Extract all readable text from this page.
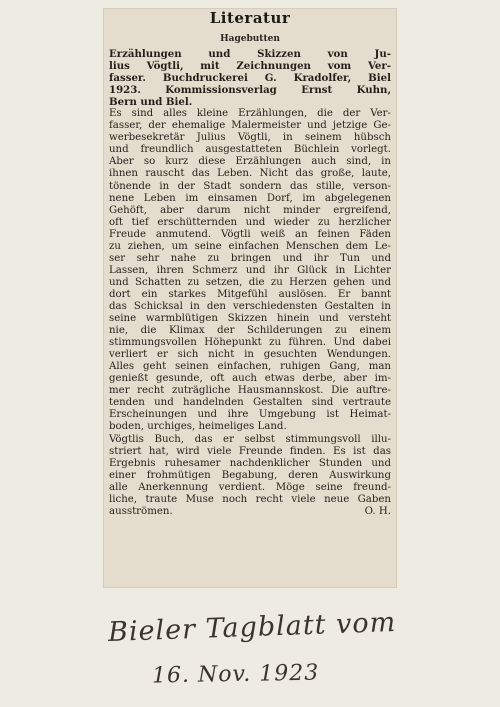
Literatur
Hagebutten
Erzählungen und Skizzen von Ju-
lius Vögtli, mit Zeichnungen vom Ver-
fasser. Buchdruckerei G. Kradolfer, Biel
1923. Kommissionsverlag Ernst Kuhn,
Bern und Biel.
Es sind alles kleine Erzählungen, die der Ver-
fasser, der ehemalige Malermeister und jetzige Ge-
werbesekretär Julius Vögtli, in seinem hübsch
und freundlich ausgestatteten Büchlein vorlegt.
Aber so kurz diese Erzählungen auch sind, in
ihnen rauscht das Leben. Nicht das große, laute,
tönende in der Stadt sondern das stille, verson-
nene Leben im einsamen Dorf, im abgelegenen
Gehöft, aber darum nicht minder ergreifend,
oft tief erschütternden und wieder zu herzlicher
Freude anmutend. Vögtli weiß an feinen Fäden
zu ziehen, um seine einfachen Menschen dem Le-
ser sehr nahe zu bringen und ihr Tun und
Lassen, ihren Schmerz und ihr Glück in Lichter
und Schatten zu setzen, die zu Herzen gehen und
dort ein starkes Mitgefühl auslösen. Er bannt
das Schicksal in den verschiedensten Gestalten in
seine warmblütigen Skizzen hinein und versteht
nie, die Klimax der Schilderungen zu einem
stimmungsvollen Höhepunkt zu führen. Und dabei
verliert er sich nicht in gesuchten Wendungen.
Alles geht seinen einfachen, ruhigen Gang, man
genießt gesunde, oft auch etwas derbe, aber im-
mer recht zuträgliche Hausmannskost. Die auftre-
tenden und handelnden Gestalten sind vertraute
Erscheinungen und ihre Umgebung ist Heimat-
boden, urchiges, heimeliges Land.
Vögtlis Buch, das er selbst stimmungsvoll illu-
striert hat, wird viele Freunde finden. Es ist das
Ergebnis ruhesamer nachdenklicher Stunden und
einer frohmütigen Begabung, deren Auswirkung
alle Anerkennung verdient. Möge seine freund-
liche, traute Muse noch recht viele neue Gaben
ausströmen.	O. H.
Bieler Tagblatt vom
16. Nov. 1923
